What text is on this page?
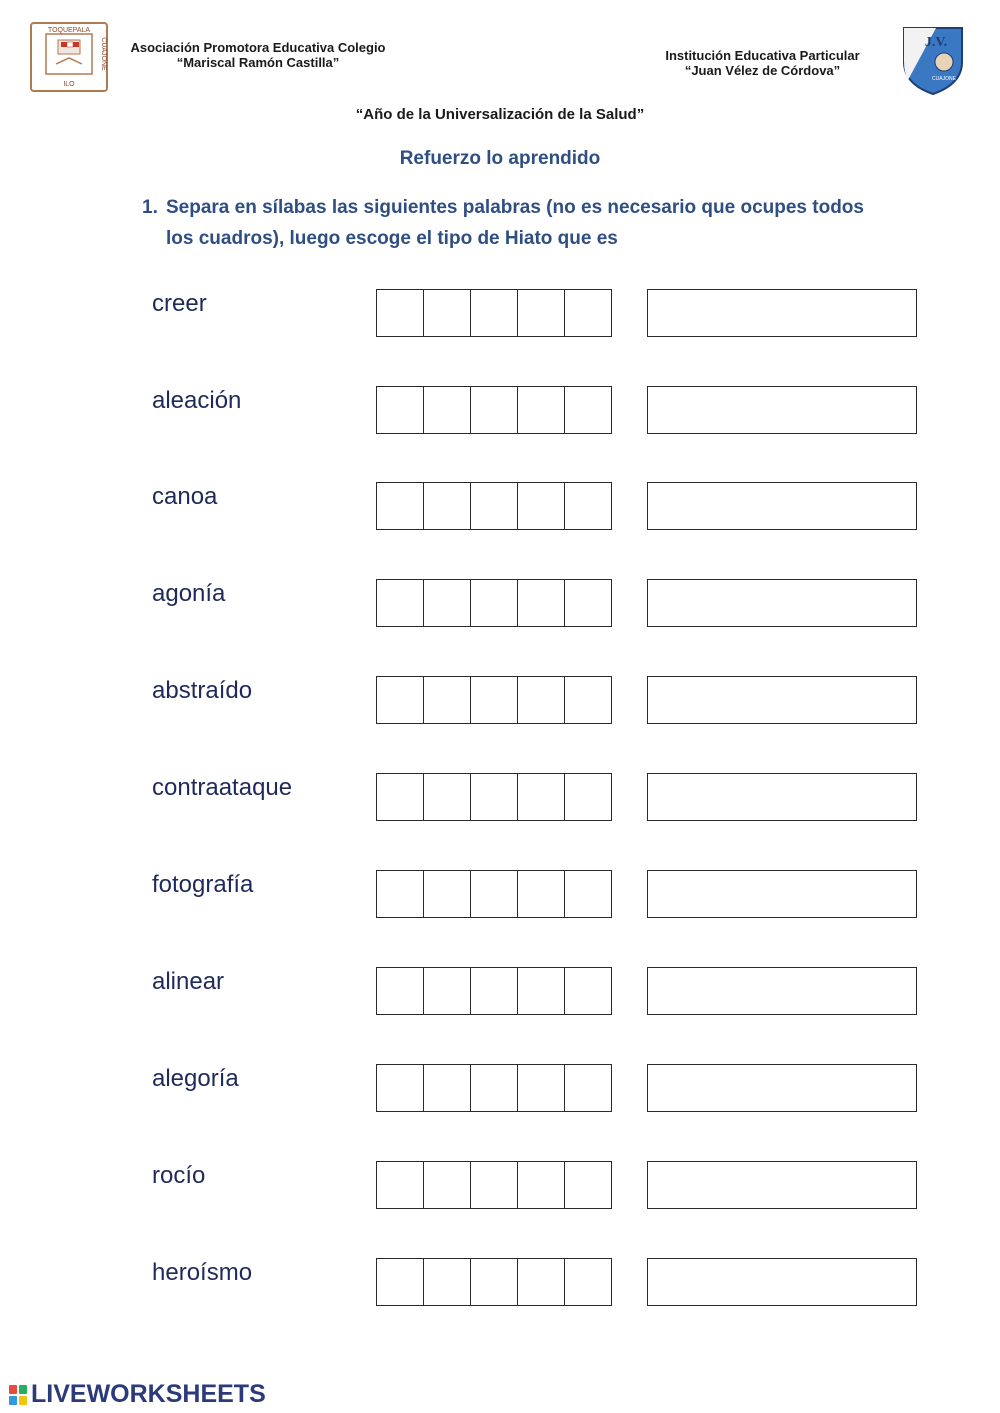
TOQUEPALA
ILO
CUAJONE	Asociación Promotora Educativa Colegio
“Mariscal Ramón Castilla”	Institución Educativa Particular
“Juan Vélez de Córdova”
J.V.
CUAJONE
“Año de la Universalización de la Salud”
Refuerzo lo aprendido
1. Separa en sílabas las siguientes palabras (no es necesario que ocupes todos los cuadros), luego escoge el tipo de Hiato que es
creer
aleación
canoa
agonía
abstraído
contraataque
fotografía
alinear
alegoría
rocío
heroísmo
LIVEWORKSHEETS
